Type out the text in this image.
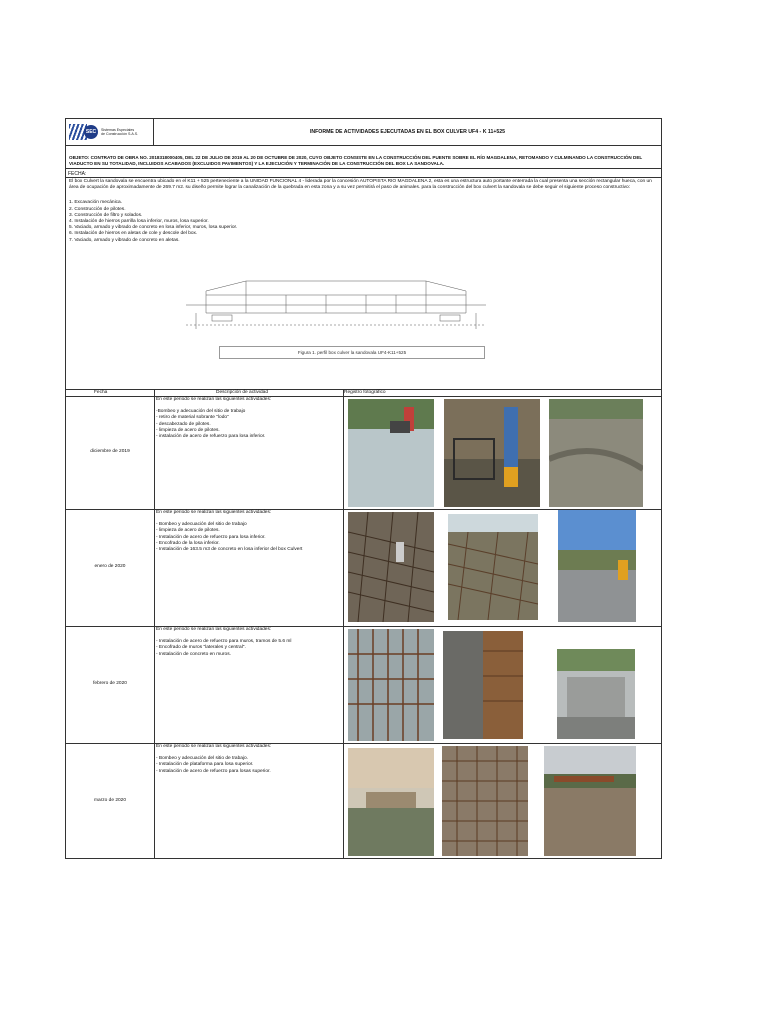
SEC	Sistemas Especiales
de Construcción S.A.S.	INFORME DE ACTIVIDADES EJECUTADAS EN EL BOX CULVER UF4 - K 11+525
OBJETO: CONTRATO DE OBRA NO. 2018318000405, DEL 22 DE JULIO DE 2019 AL 20 DE OCTUBRE DE 2020, CUYO OBJETO CONSISTE EN LA CONSTRUCCIÓN DEL PUENTE SOBRE EL RÍO MAGDALENA, RETOMANDO Y CULMINANDO LA CONSTRUCCIÓN DEL VIADUCTO EN SU TOTALIDAD, INCLUIDOS ACABADOS (EXCLUIDOS PAVIMENTOS) Y LA EJECUCIÓN Y TERMINACIÓN DE LA CONSTRUCCIÓN DEL BOX LA SANDOVALA.
FECHA:
El box Culvert la sandovala se encuentra ubicado en el K11 + 525 perteneciente a la UNIDAD FUNCIONAL 4 - liderada por la concesión AUTOPISTA RIO MAGDALENA 2, esta es una estructura auto portante enterrada la cual presenta una sección rectangular hueca, con un área de ocupación de aproximadamente de 269.7 m2. su diseño permite lograr la canalización de la quebrada en esta zona y a su vez permitirá el paso de animales. para la construcción del box culvert la sandovala se debe seguir el siguiente proceso constructivo:
1. Excavación mecánica.
2. Construcción de pilotes.
3. Construcción de filtro y solados.
4. Instalación de hierros parrilla losa inferior, muros, losa superior.
5. Vaciado, armado y vibrado de concreto en losa inferior, muros, losa superior.
6. Instalación de hierros en aletas de cole y descole del box.
7. Vaciado, armado y vibrado de concreto en aletas.
Figura 1. perfil box culver la sandovala UF4-K11+525
Fecha	Descripción de actividad	Registro fotográfico
diciembre de 2019
En este periodo se realizan las siguientes actividades:
-Bombeo y adecuación del sitio de trabajo
- retiro de material sobrante "lodo"
- descabezado de pilotes.
- limpieza de acero de pilotes.
- instalación de acero de refuerzo para losa inferior.
enero de 2020
En este periodo se realizan las siguientes actividades:
- Bombeo y adecuación del sitio de trabajo
- limpieza de acero de pilotes.
- Instalación de acero de refuerzo para losa inferior.
- Encofrado de la losa inferior.
- Instalación de 163.5 m3 de concreto en losa inferior del box Culvert
febrero de 2020
En este periodo se realizan las siguientes actividades:
- Instalación de acero de refuerzo para muros, tramos de 5.6 ml
- Encofrado de muros "laterales y central".
- Instalación de concreto en muros.
marzo de 2020
En este periodo se realizan las siguientes actividades:
- Bombeo y adecuación del sitio de trabajo.
- Instalación de plataforma para losa superior.
- Instalación de acero de refuerzo para losas superior.
